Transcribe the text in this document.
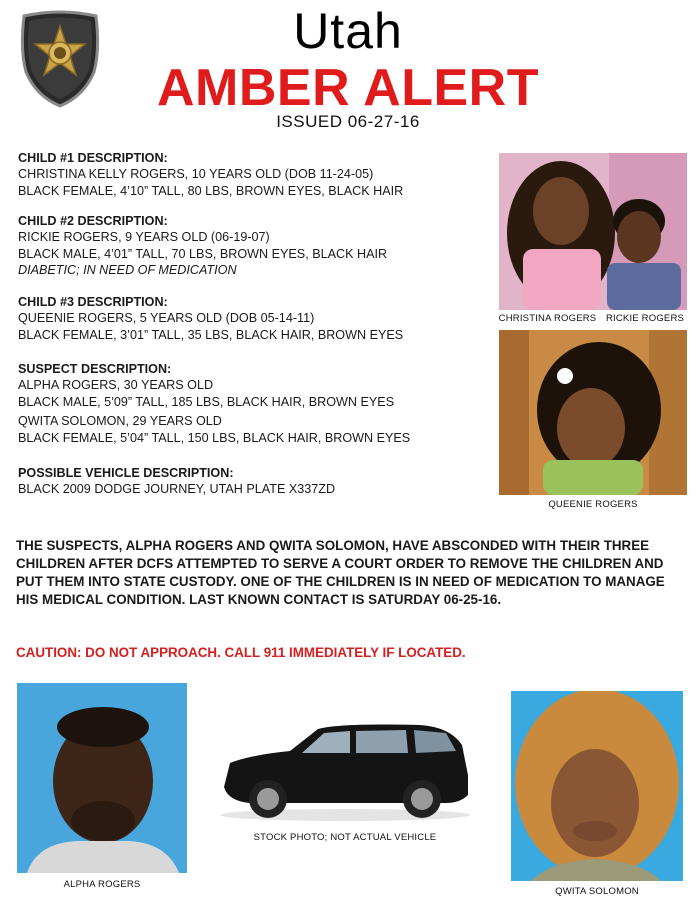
Utah
AMBER ALERT
ISSUED 06-27-16
CHILD #1 DESCRIPTION:
CHRISTINA KELLY ROGERS, 10 YEARS OLD (DOB 11-24-05)
BLACK FEMALE, 4’10” TALL, 80 LBS, BROWN EYES, BLACK HAIR
CHILD #2 DESCRIPTION:
RICKIE ROGERS, 9 YEARS OLD (06-19-07)
BLACK MALE, 4’01” TALL, 70 LBS, BROWN EYES, BLACK HAIR
DIABETIC; IN NEED OF MEDICATION
CHILD #3 DESCRIPTION:
QUEENIE ROGERS, 5 YEARS OLD (DOB 05-14-11)
BLACK FEMALE, 3’01” TALL, 35 LBS, BLACK HAIR, BROWN EYES
SUSPECT DESCRIPTION:
ALPHA ROGERS, 30 YEARS OLD
BLACK MALE, 5’09” TALL, 185 LBS, BLACK HAIR, BROWN EYES
QWITA SOLOMON, 29 YEARS OLD
BLACK FEMALE, 5’04” TALL, 150 LBS, BLACK HAIR, BROWN EYES
POSSIBLE VEHICLE DESCRIPTION:
BLACK 2009 DODGE JOURNEY, UTAH PLATE X337ZD
CHRISTINA ROGERS	RICKIE ROGERS
QUEENIE ROGERS
THE SUSPECTS, ALPHA ROGERS AND QWITA SOLOMON, HAVE ABSCONDED WITH THEIR THREE CHILDREN AFTER DCFS ATTEMPTED TO SERVE A COURT ORDER TO REMOVE THE CHILDREN AND PUT THEM INTO STATE CUSTODY. ONE OF THE CHILDREN IS IN NEED OF MEDICATION TO MANAGE HIS MEDICAL CONDITION. LAST KNOWN CONTACT IS SATURDAY 06-25-16.
CAUTION: DO NOT APPROACH. CALL 911 IMMEDIATELY IF LOCATED.
ALPHA ROGERS
STOCK PHOTO; NOT ACTUAL VEHICLE
QWITA SOLOMON
